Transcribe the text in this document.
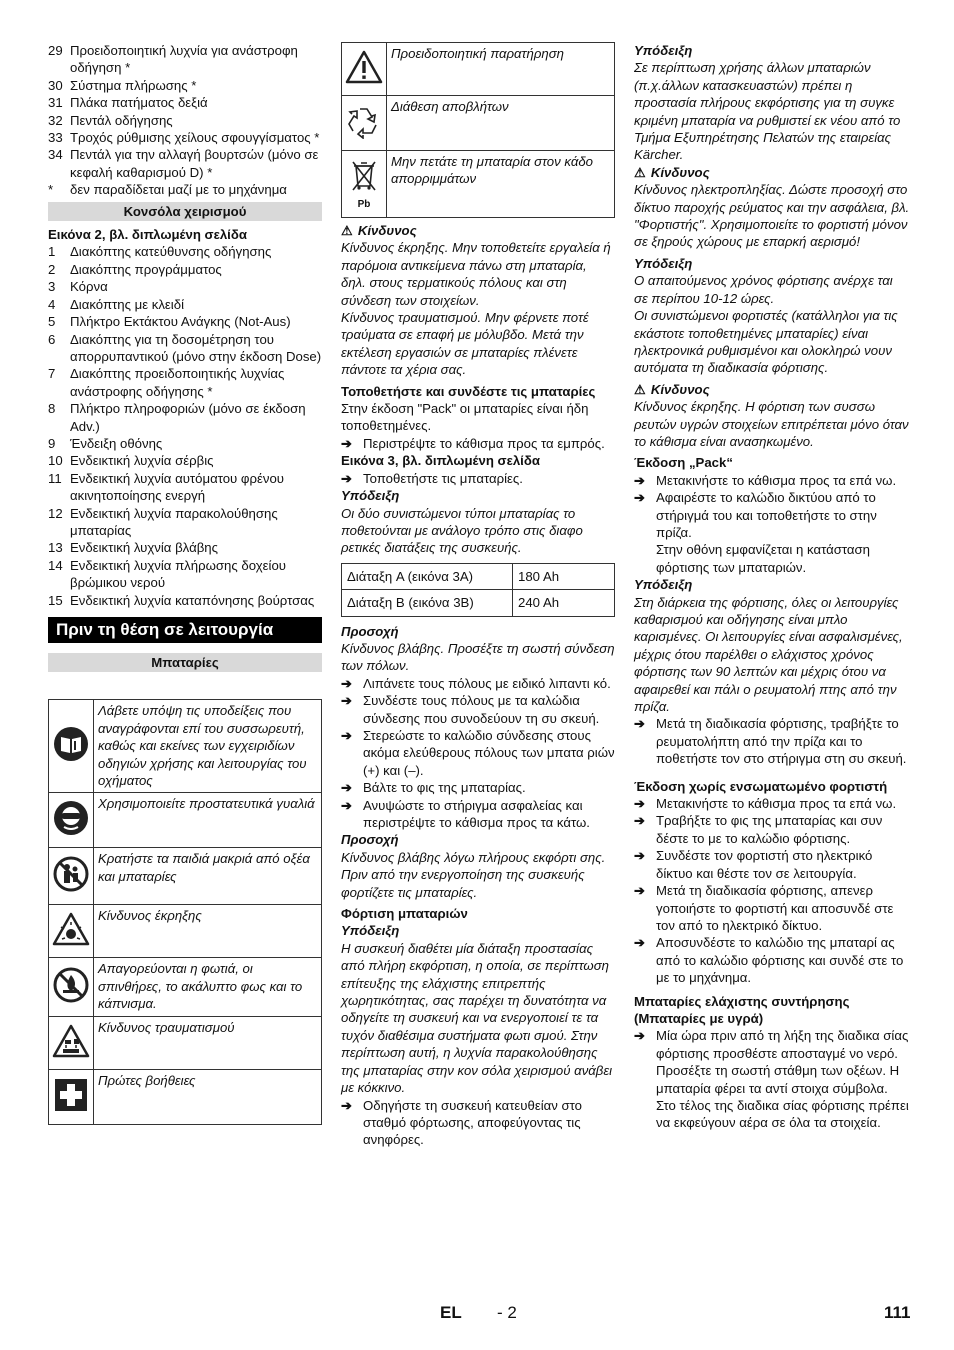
29 Προειδοποιητική λυχνία για ανάστροφη οδήγηση *
30 Σύστημα πλήρωσης *
31 Πλάκα πατήματος δεξιά
32 Πεντάλ οδήγησης
33 Τροχός ρύθμισης χείλους σφουγγίσματος *
34 Πεντάλ για την αλλαγή βουρτσών (μόνο σε κεφαλή καθαρισμού D) *
*	δεν παραδίδεται μαζί με το μηχάνημα
Κονσόλα χειρισμού
Εικόνα 2, βλ. διπλωμένη σελίδα
1	Διακόπτης κατεύθυνσης οδήγησης
2	Διακόπτης προγράμματος
3	Κόρνα
4	Διακόπτης με κλειδί
5	Πλήκτρο Εκτάκτου Ανάγκης (Not-Aus)
6	Διακόπτης για τη δοσομέτρηση του απορρυπαντικού (μόνο στην έκδοση Dose)
7	Διακόπτης προειδοποιητικής λυχνίας ανάστροφης οδήγησης *
8	Πλήκτρο πληροφοριών (μόνο σε έκδοση Adv.)
9	Ένδειξη οθόνης
10 Ενδεικτική λυχνία σέρβις
11 Ενδεικτική λυχνία αυτόματου φρένου ακινητοποίησης ενεργή
12 Ενδεικτική λυχνία παρακολούθησης μπαταρίας
13 Ενδεικτική λυχνία βλάβης
14 Ενδεικτική λυχνία πλήρωσης δοχείου βρώμικου νερού
15 Ενδεικτική λυχνία καταπόνησης βούρτσας
Πριν τη θέση σε λειτουργία
Μπαταρίες
	Λάβετε υπόψη τις υποδείξεις που αναγράφονται επί του συσσωρευτή, καθώς και εκείνες των εγχειριδίων οδηγιών χρήσης και λειτουργίας του οχήματος
	Χρησιμοποιείτε προστατευτικά γυαλιά
	Κρατήστε τα παιδιά μακριά από οξέα και μπαταρίες
	Κίνδυνος έκρηξης
	Απαγορεύονται η φωτιά, οι σπινθήρες, το ακάλυπτο φως και το κάπνισμα.
	Κίνδυνος τραυματισμού
	Πρώτες βοήθειες
	Προειδοποιητική παρατήρηση
	Διάθεση αποβλήτων

Pb	Μην πετάτε τη μπαταρία στον κάδο απορριμμάτων
⚠ Κίνδυνος
Κίνδυνος έκρηξης. Μην τοποθετείτε εργαλεία ή παρόμοια αντικείμενα πάνω στη μπαταρία, δηλ. στους τερματικούς πόλους και στη σύνδεση των στοιχείων.
Κίνδυνος τραυματισμού. Μην φέρνετε ποτέ τραύματα σε επαφή με μόλυβδο. Μετά την εκτέλεση εργασιών σε μπαταρίες πλένετε πάντοτε τα χέρια σας.
Τοποθετήστε και συνδέστε τις μπαταρίες
Στην έκδοση "Pack" οι μπαταρίες είναι ήδη τοποθετημένες.
➔ Περιστρέψτε το κάθισμα προς τα εμπρός.
Εικόνα 3, βλ. διπλωμένη σελίδα
➔ Τοποθετήστε τις μπαταρίες.
Υπόδειξη
Οι δύο συνιστώμενοι τύποι μπαταρίας το ποθετούνται με ανάλογο τρόπο στις διαφο ρετικές διατάξεις της συσκευής.
Διάταξη A (εικόνα 3A)	180 Ah
Διάταξη B (εικόνα 3B)	240 Ah
Προσοχή
Κίνδυνος βλάβης. Προσέξτε τη σωστή σύνδεση των πόλων.
➔ Λιπάνετε τους πόλους με ειδικό λιπαντι κό.
➔ Συνδέστε τους πόλους με τα καλώδια σύνδεσης που συνοδεύουν τη συ σκευή.
➔ Στερεώστε το καλώδιο σύνδεσης στους ακόμα ελεύθερους πόλους των μπατα ριών (+) και (–).
➔ Βάλτε το φις της μπαταρίας.
➔ Ανυψώστε το στήριγμα ασφαλείας και περιστρέψτε το κάθισμα προς τα κάτω.
Προσοχή
Κίνδυνος βλάβης λόγω πλήρους εκφόρτι σης. Πριν από την ενεργοποίηση της συσκευής φορτίζετε τις μπαταρίες.
Φόρτιση μπαταριών
Υπόδειξη
Η συσκευή διαθέτει μία διάταξη προστασίας από πλήρη εκφόρτιση, η οποία, σε περίπτωση επίτευξης της ελάχιστης επιτρεπτής χωρητικότητας, σας παρέχει τη δυνατότητα να οδηγείτε τη συσκευή και να ενεργοποιεί τε τα τυχόν διαθέσιμα συστήματα φωτι σμού. Στην περίπτωση αυτή, η λυχνία παρακολούθησης της μπαταρίας στην κον σόλα χειρισμού ανάβει με κόκκινο.
➔ Οδηγήστε τη συσκευή κατευθείαν στο σταθμό φόρτωσης, αποφεύγοντας τις ανηφόρες.
Υπόδειξη
Σε περίπτωση χρήσης άλλων μπαταριών (π.χ.άλλων κατασκευαστών) πρέπει η προστασία πλήρους εκφόρτισης για τη συγκε κριμένη μπαταρία να ρυθμιστεί εκ νέου από το Τμήμα Εξυπηρέτησης Πελατών της εταιρείας Kärcher.
⚠ Κίνδυνος
Κίνδυνος ηλεκτροπληξίας. Δώστε προσοχή στο δίκτυο παροχής ρεύματος και την ασφάλεια, βλ. "Φορτιστής". Χρησιμοποιείτε το φορτιστή μόνον σε ξηρούς χώρους με επαρκή αερισμό!
Υπόδειξη
Ο απαιτούμενος χρόνος φόρτισης ανέρχε ται σε περίπου 10-12 ώρες.
Οι συνιστώμενοι φορτιστές (κατάλληλοι για τις εκάστοτε τοποθετημένες μπαταρίες) είναι ηλεκτρονικά ρυθμισμένοι και ολοκληρώ νουν αυτόματα τη διαδικασία φόρτισης.
⚠ Κίνδυνος
Κίνδυνος έκρηξης. Η φόρτιση των συσσω ρευτών υγρών στοιχείων επιτρέπεται μόνο όταν το κάθισμα είναι ανασηκωμένο.
Έκδοση „Pack“
➔ Μετακινήστε το κάθισμα προς τα επά νω.
➔ Αφαιρέστε το καλώδιο δικτύου από το στήριγμά του και τοποθετήστε το στην πρίζα.
Στην οθόνη εμφανίζεται η κατάσταση φόρτισης των μπαταριών.
Υπόδειξη
Στη διάρκεια της φόρτισης, όλες οι λειτουργίες καθαρισμού και οδήγησης είναι μπλο καρισμένες. Οι λειτουργίες είναι ασφαλισμένες, μέχρις ότου παρέλθει ο ελάχιστος χρόνος φόρτισης των 90 λεπτών και μέχρις ότου να αφαιρεθεί και πάλι ο ρευματολή πτης από την πρίζα.
➔ Μετά τη διαδικασία φόρτισης, τραβήξτε το ρευματολήπτη από την πρίζα και το ποθετήστε τον στο στήριγμα στη συ σκευή.
Έκδοση χωρίς ενσωματωμένο φορτιστή
➔ Μετακινήστε το κάθισμα προς τα επά νω.
➔ Τραβήξτε το φις της μπαταρίας και συν δέστε το με το καλώδιο φόρτισης.
➔ Συνδέστε τον φορτιστή στο ηλεκτρικό δίκτυο και θέστε τον σε λειτουργία.
➔ Μετά τη διαδικασία φόρτισης, απενερ γοποιήστε το φορτιστή και αποσυνδέ στε τον από το ηλεκτρικό δίκτυο.
➔ Αποσυνδέστε το καλώδιο της μπαταρί ας από το καλώδιο φόρτισης και συνδέ στε το με το μηχάνημα.
Μπαταρίες ελάχιστης συντήρησης (Μπαταρίες με υγρά)
➔ Μία ώρα πριν από τη λήξη της διαδικα σίας φόρτισης προσθέστε αποσταγμέ νο νερό. Προσέξτε τη σωστή στάθμη των οξέων. Η μπαταρία φέρει τα αντί στοιχα σύμβολα. Στο τέλος της διαδικα σίας φόρτισης πρέπει να εκφεύγουν αέρα σε όλα τα στοιχεία.
EL - 2	111
